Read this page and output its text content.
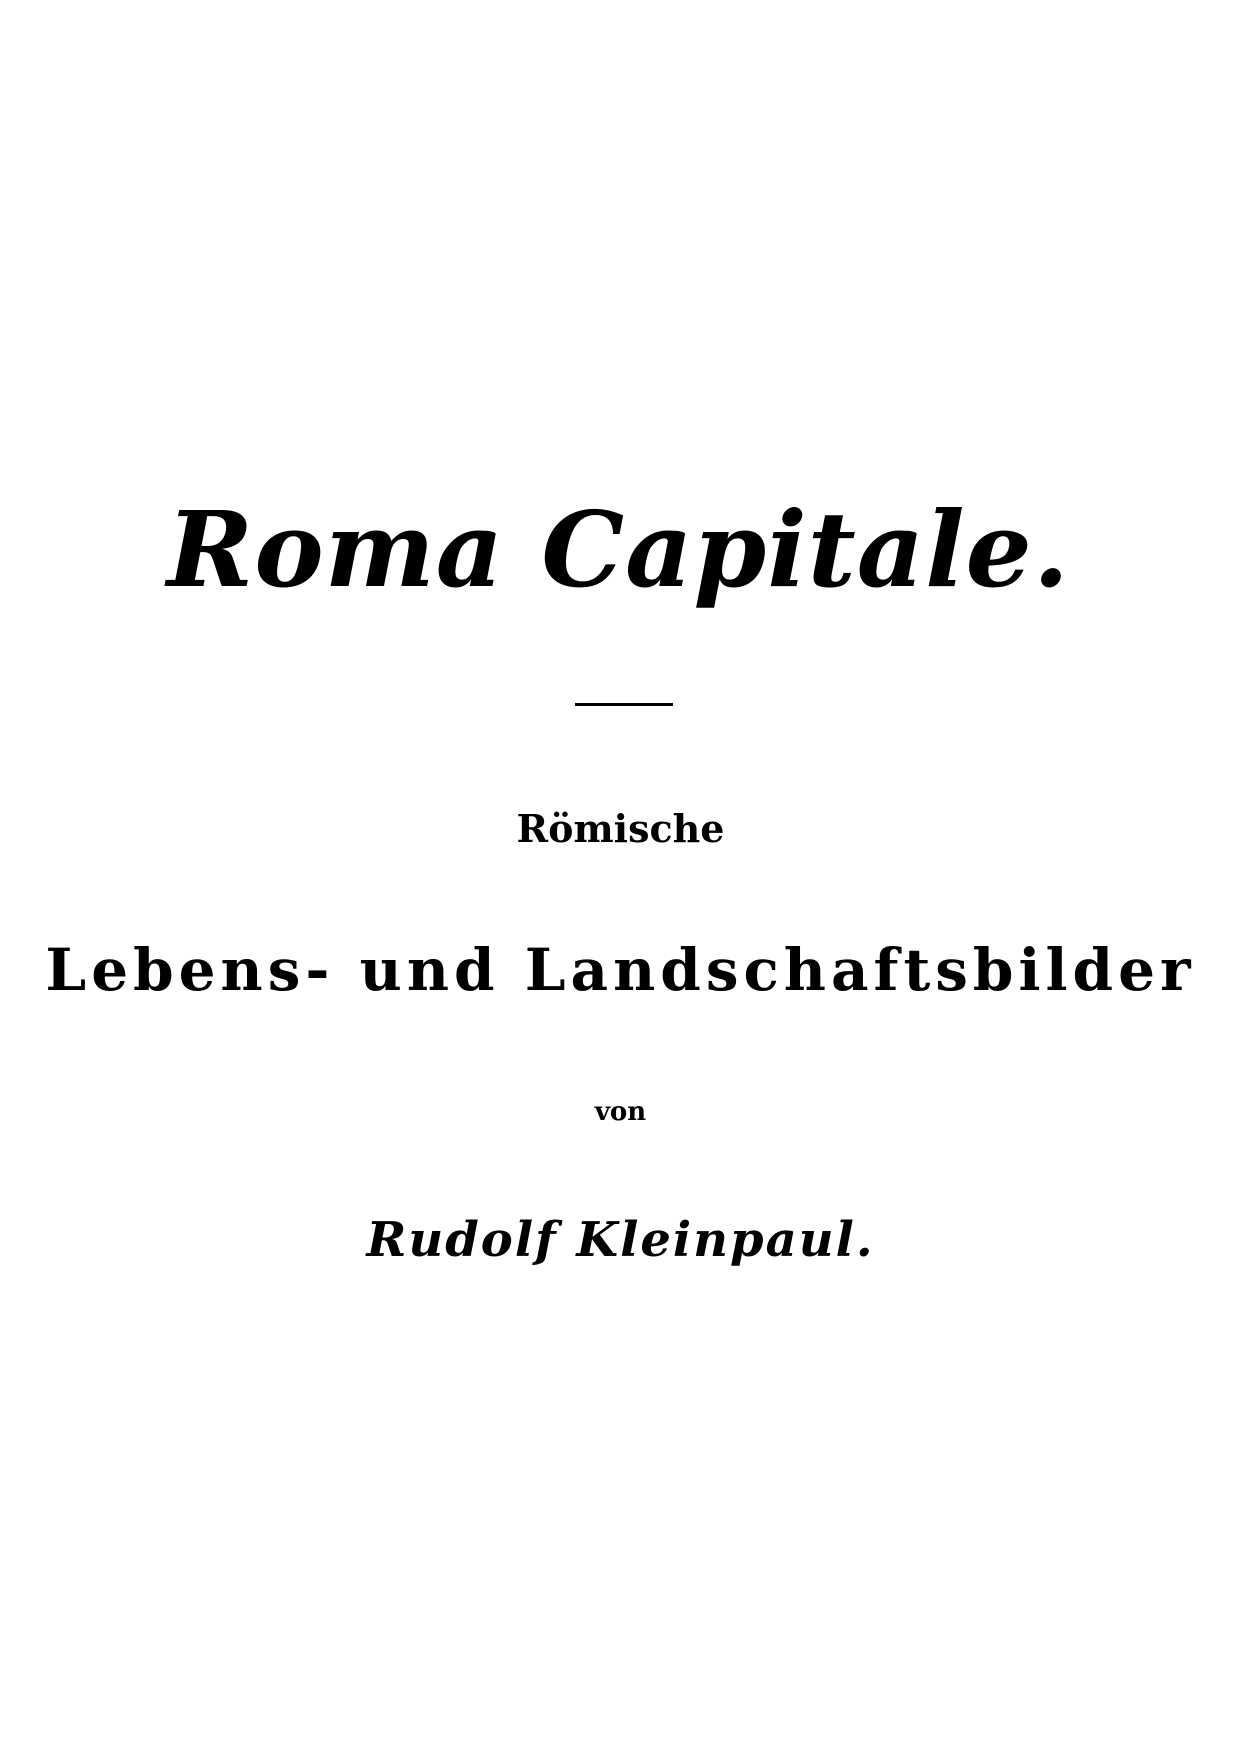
Roma Capitale.
Römische
Lebens- und Landschaftsbilder
von
Rudolf Kleinpaul.
